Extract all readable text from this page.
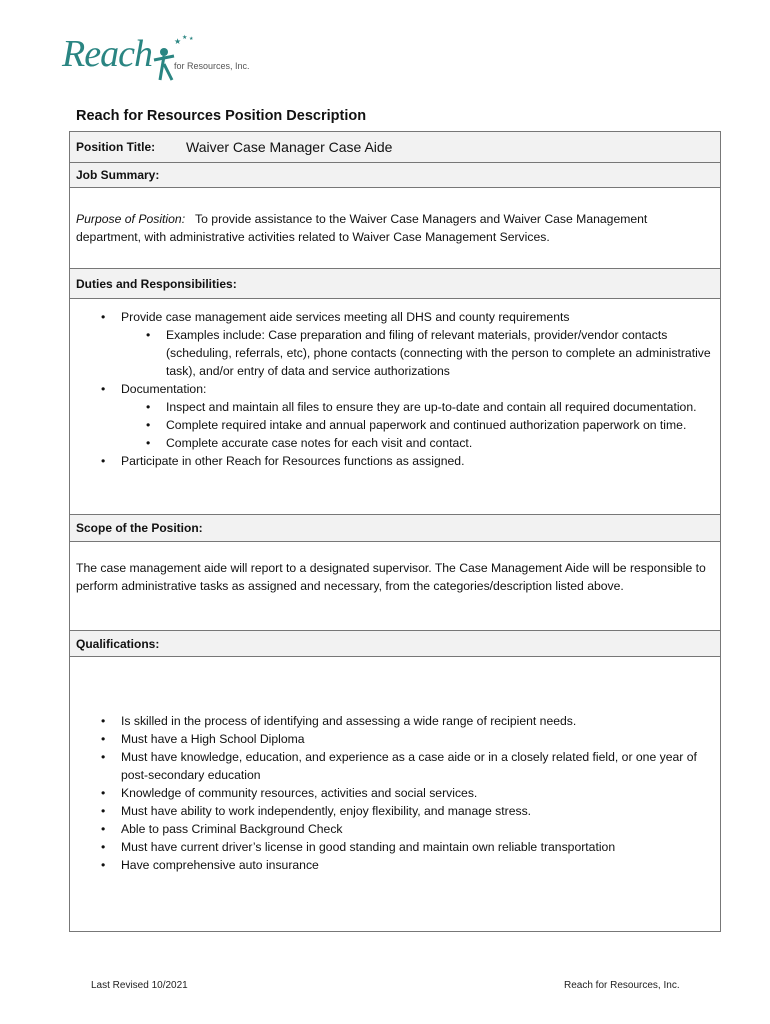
Reach	★ ★ ★
for Resources, Inc.
Reach for Resources Position Description
Position Title:	Waiver Case Manager Case Aide
Job Summary:
Purpose of Position: To provide assistance to the Waiver Case Managers and Waiver Case Management department, with administrative activities related to Waiver Case Management Services.
Duties and Responsibilities:
• Provide case management aide services meeting all DHS and county requirements
• Examples include: Case preparation and filing of relevant materials, provider/vendor contacts (scheduling, referrals, etc), phone contacts (connecting with the person to complete an administrative task), and/or entry of data and service authorizations
• Documentation:
• Inspect and maintain all files to ensure they are up-to-date and contain all required documentation.
• Complete required intake and annual paperwork and continued authorization paperwork on time.
• Complete accurate case notes for each visit and contact.
• Participate in other Reach for Resources functions as assigned.
Scope of the Position:
The case management aide will report to a designated supervisor. The Case Management Aide will be responsible to perform administrative tasks as assigned and necessary, from the categories/description listed above.
Qualifications:
• Is skilled in the process of identifying and assessing a wide range of recipient needs.
• Must have a High School Diploma
• Must have knowledge, education, and experience as a case aide or in a closely related field, or one year of post-secondary education
• Knowledge of community resources, activities and social services.
• Must have ability to work independently, enjoy flexibility, and manage stress.
• Able to pass Criminal Background Check
• Must have current driver’s license in good standing and maintain own reliable transportation
• Have comprehensive auto insurance
Last Revised 10/2021	Reach for Resources, Inc.
